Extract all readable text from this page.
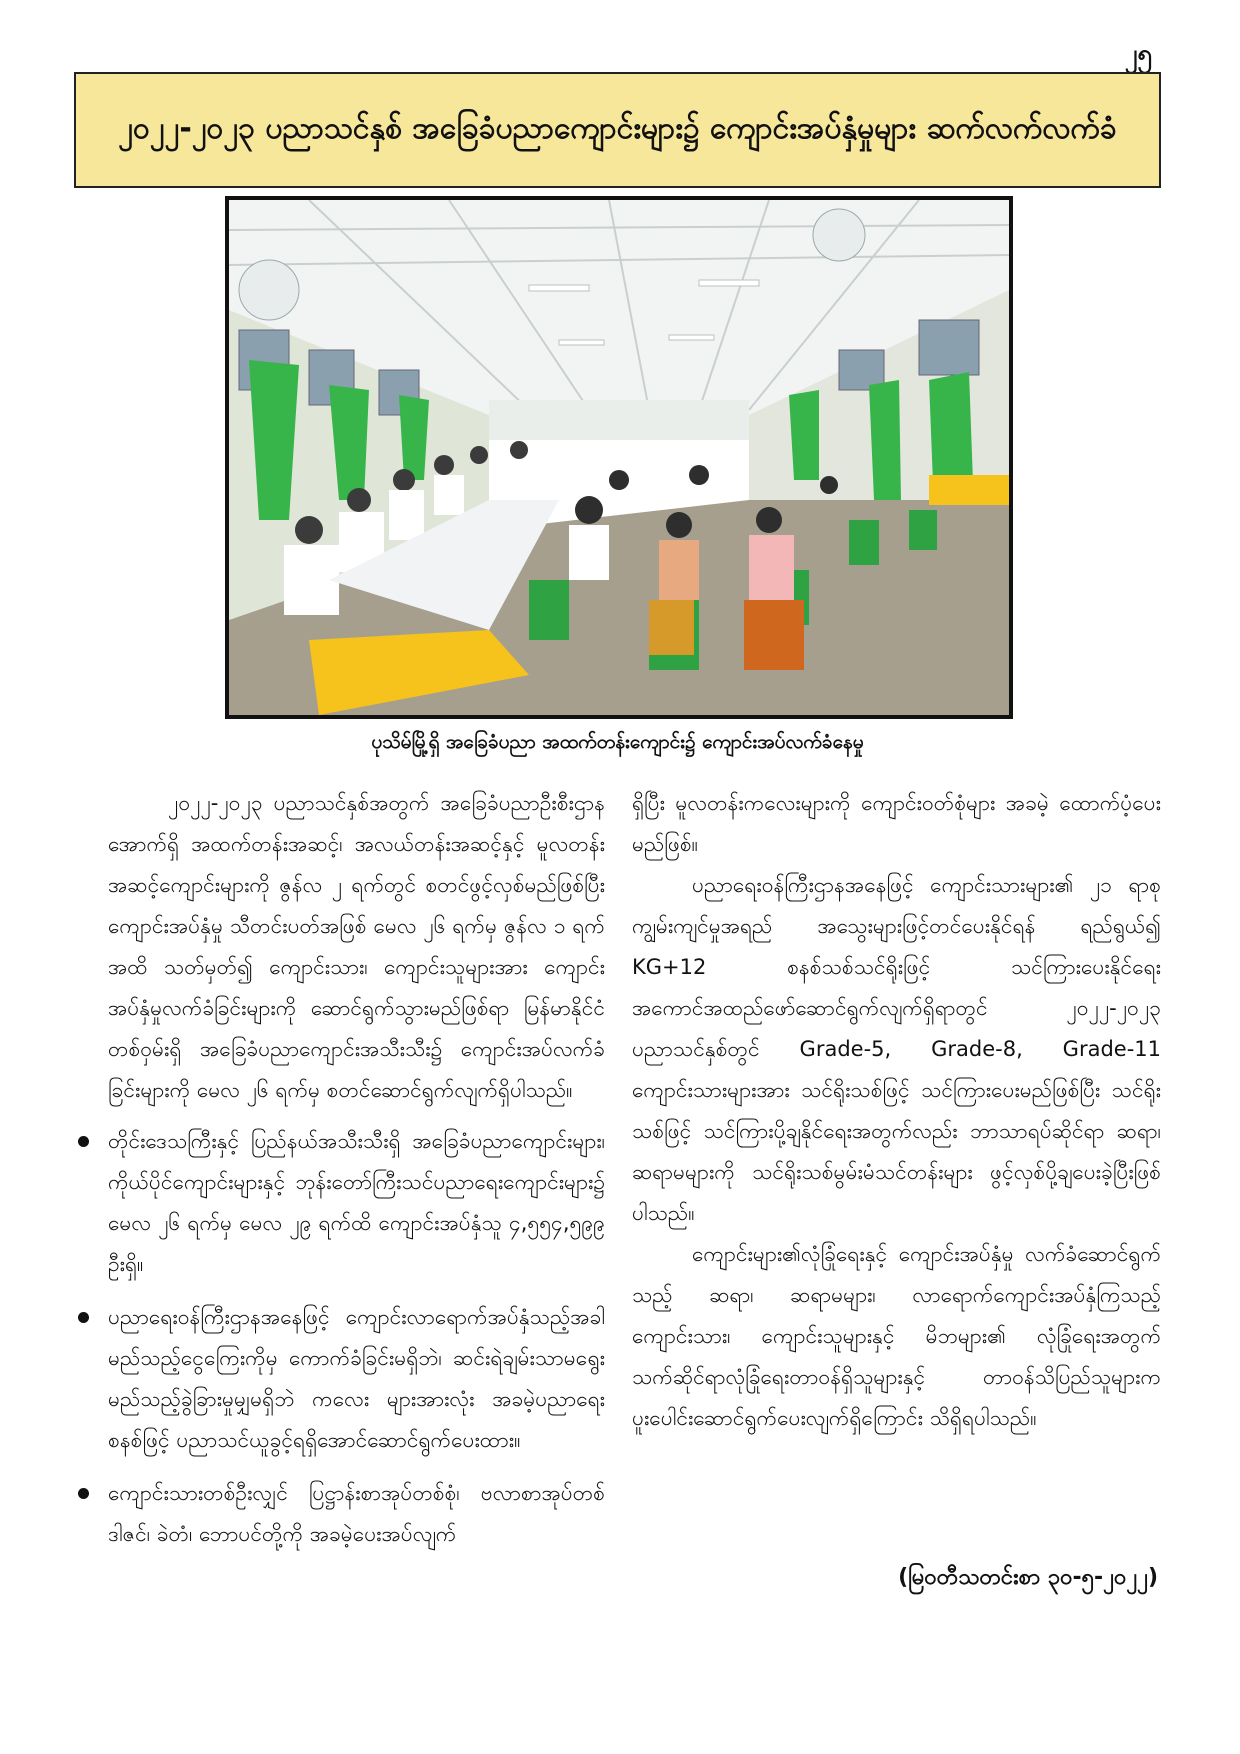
၂၅
၂၀၂၂-၂၀၂၃ ပညာသင်နှစ် အခြေခံပညာကျောင်းများ၌ ကျောင်းအပ်နှံမှုများ ဆက်လက်လက်ခံ
ပုသိမ်မြို့ရှိ အခြေခံပညာ အထက်တန်းကျောင်း၌ ကျောင်းအပ်လက်ခံနေမှု

၂၀၂၂-၂၀၂၃ ပညာသင်နှစ်အတွက် အခြေခံပညာဦးစီးဌာနအောက်ရှိ အထက်တန်းအဆင့်၊ အလယ်တန်းအဆင့်နှင့် မူလတန်းအဆင့်ကျောင်းများကို ဇွန်လ ၂ ရက်တွင် စတင်ဖွင့်လှစ်မည်ဖြစ်ပြီး ကျောင်းအပ်နှံမှု သီတင်းပတ်အဖြစ် မေလ ၂၆ ရက်မှ ဇွန်လ ၁ ရက်အထိ သတ်မှတ်၍ ကျောင်းသား၊ ကျောင်းသူများအား ကျောင်းအပ်နှံမှုလက်ခံခြင်းများကို ဆောင်ရွက်သွားမည်ဖြစ်ရာ မြန်မာနိုင်ငံတစ်ဝှမ်းရှိ အခြေခံပညာကျောင်းအသီးသီး၌ ကျောင်းအပ်လက်ခံခြင်းများကို မေလ ၂၆ ရက်မှ စတင်ဆောင်ရွက်လျက်ရှိပါသည်။

တိုင်းဒေသကြီးနှင့် ပြည်နယ်အသီးသီးရှိ အခြေခံပညာကျောင်းများ၊ ကိုယ်ပိုင်ကျောင်းများနှင့် ဘုန်းတော်ကြီးသင်ပညာရေးကျောင်းများ၌ မေလ ၂၆ ရက်မှ မေလ ၂၉ ရက်ထိ ကျောင်းအပ်နှံသူ ၄,၅၅၄,၅၉၉ ဦးရှိ။
ပညာရေးဝန်ကြီးဌာနအနေဖြင့် ကျောင်းလာရောက်အပ်နှံသည့်အခါ မည်သည့်ငွေကြေးကိုမှ ကောက်ခံခြင်းမရှိဘဲ၊ ဆင်းရဲချမ်းသာမရွေး မည်သည့်ခွဲခြားမှုမျှမရှိဘဲ ကလေး များအားလုံး အခမဲ့ပညာရေးစနစ်ဖြင့် ပညာသင်ယူခွင့်ရရှိအောင်ဆောင်ရွက်ပေးထား။
ကျောင်းသားတစ်ဦးလျှင် ပြဋ္ဌာန်းစာအုပ်တစ်စုံ၊ ဗလာစာအုပ်တစ်ဒါဇင်၊ ခဲတံ၊ ဘောပင်တို့ကို အခမဲ့ပေးအပ်လျက်

ရှိပြီး မူလတန်းကလေးများကို ကျောင်းဝတ်စုံများ အခမဲ့ ထောက်ပံ့ပေးမည်ဖြစ်။

ပညာရေးဝန်ကြီးဌာနအနေဖြင့် ကျောင်းသားများ၏ ၂၁ ရာစုကျွမ်းကျင်မှုအရည် အသွေးများဖြင့်တင်ပေးနိုင်ရန် ရည်ရွယ်၍ KG+12 စနစ်သစ်သင်ရိုးဖြင့် သင်ကြားပေးနိုင်ရေး အကောင်အထည်ဖော်ဆောင်ရွက်လျက်ရှိရာတွင် ၂၀၂၂-၂၀၂၃ ပညာသင်နှစ်တွင် Grade-5, Grade-8, Grade-11 ကျောင်းသားများအား သင်ရိုးသစ်ဖြင့် သင်ကြားပေးမည်ဖြစ်ပြီး သင်ရိုးသစ်ဖြင့် သင်ကြားပို့ချနိုင်ရေးအတွက်လည်း ဘာသာရပ်ဆိုင်ရာ ဆရာ၊ ဆရာမများကို သင်ရိုးသစ်မွမ်းမံသင်တန်းများ ဖွင့်လှစ်ပို့ချပေးခဲ့ပြီးဖြစ်ပါသည်။

ကျောင်းများ၏လုံခြုံရေးနှင့် ကျောင်းအပ်နှံမှု လက်ခံဆောင်ရွက်သည့် ဆရာ၊ ဆရာမများ၊ လာရောက်ကျောင်းအပ်နှံကြသည့် ကျောင်းသား၊ ကျောင်းသူများနှင့် မိဘများ၏ လုံခြုံရေးအတွက် သက်ဆိုင်ရာလုံခြုံရေးတာဝန်ရှိသူများနှင့် တာဝန်သိပြည်သူများက ပူးပေါင်းဆောင်ရွက်ပေးလျက်ရှိကြောင်း သိရှိရပါသည်။

(မြဝတီသတင်းစာ ၃၀-၅-၂၀၂၂)
